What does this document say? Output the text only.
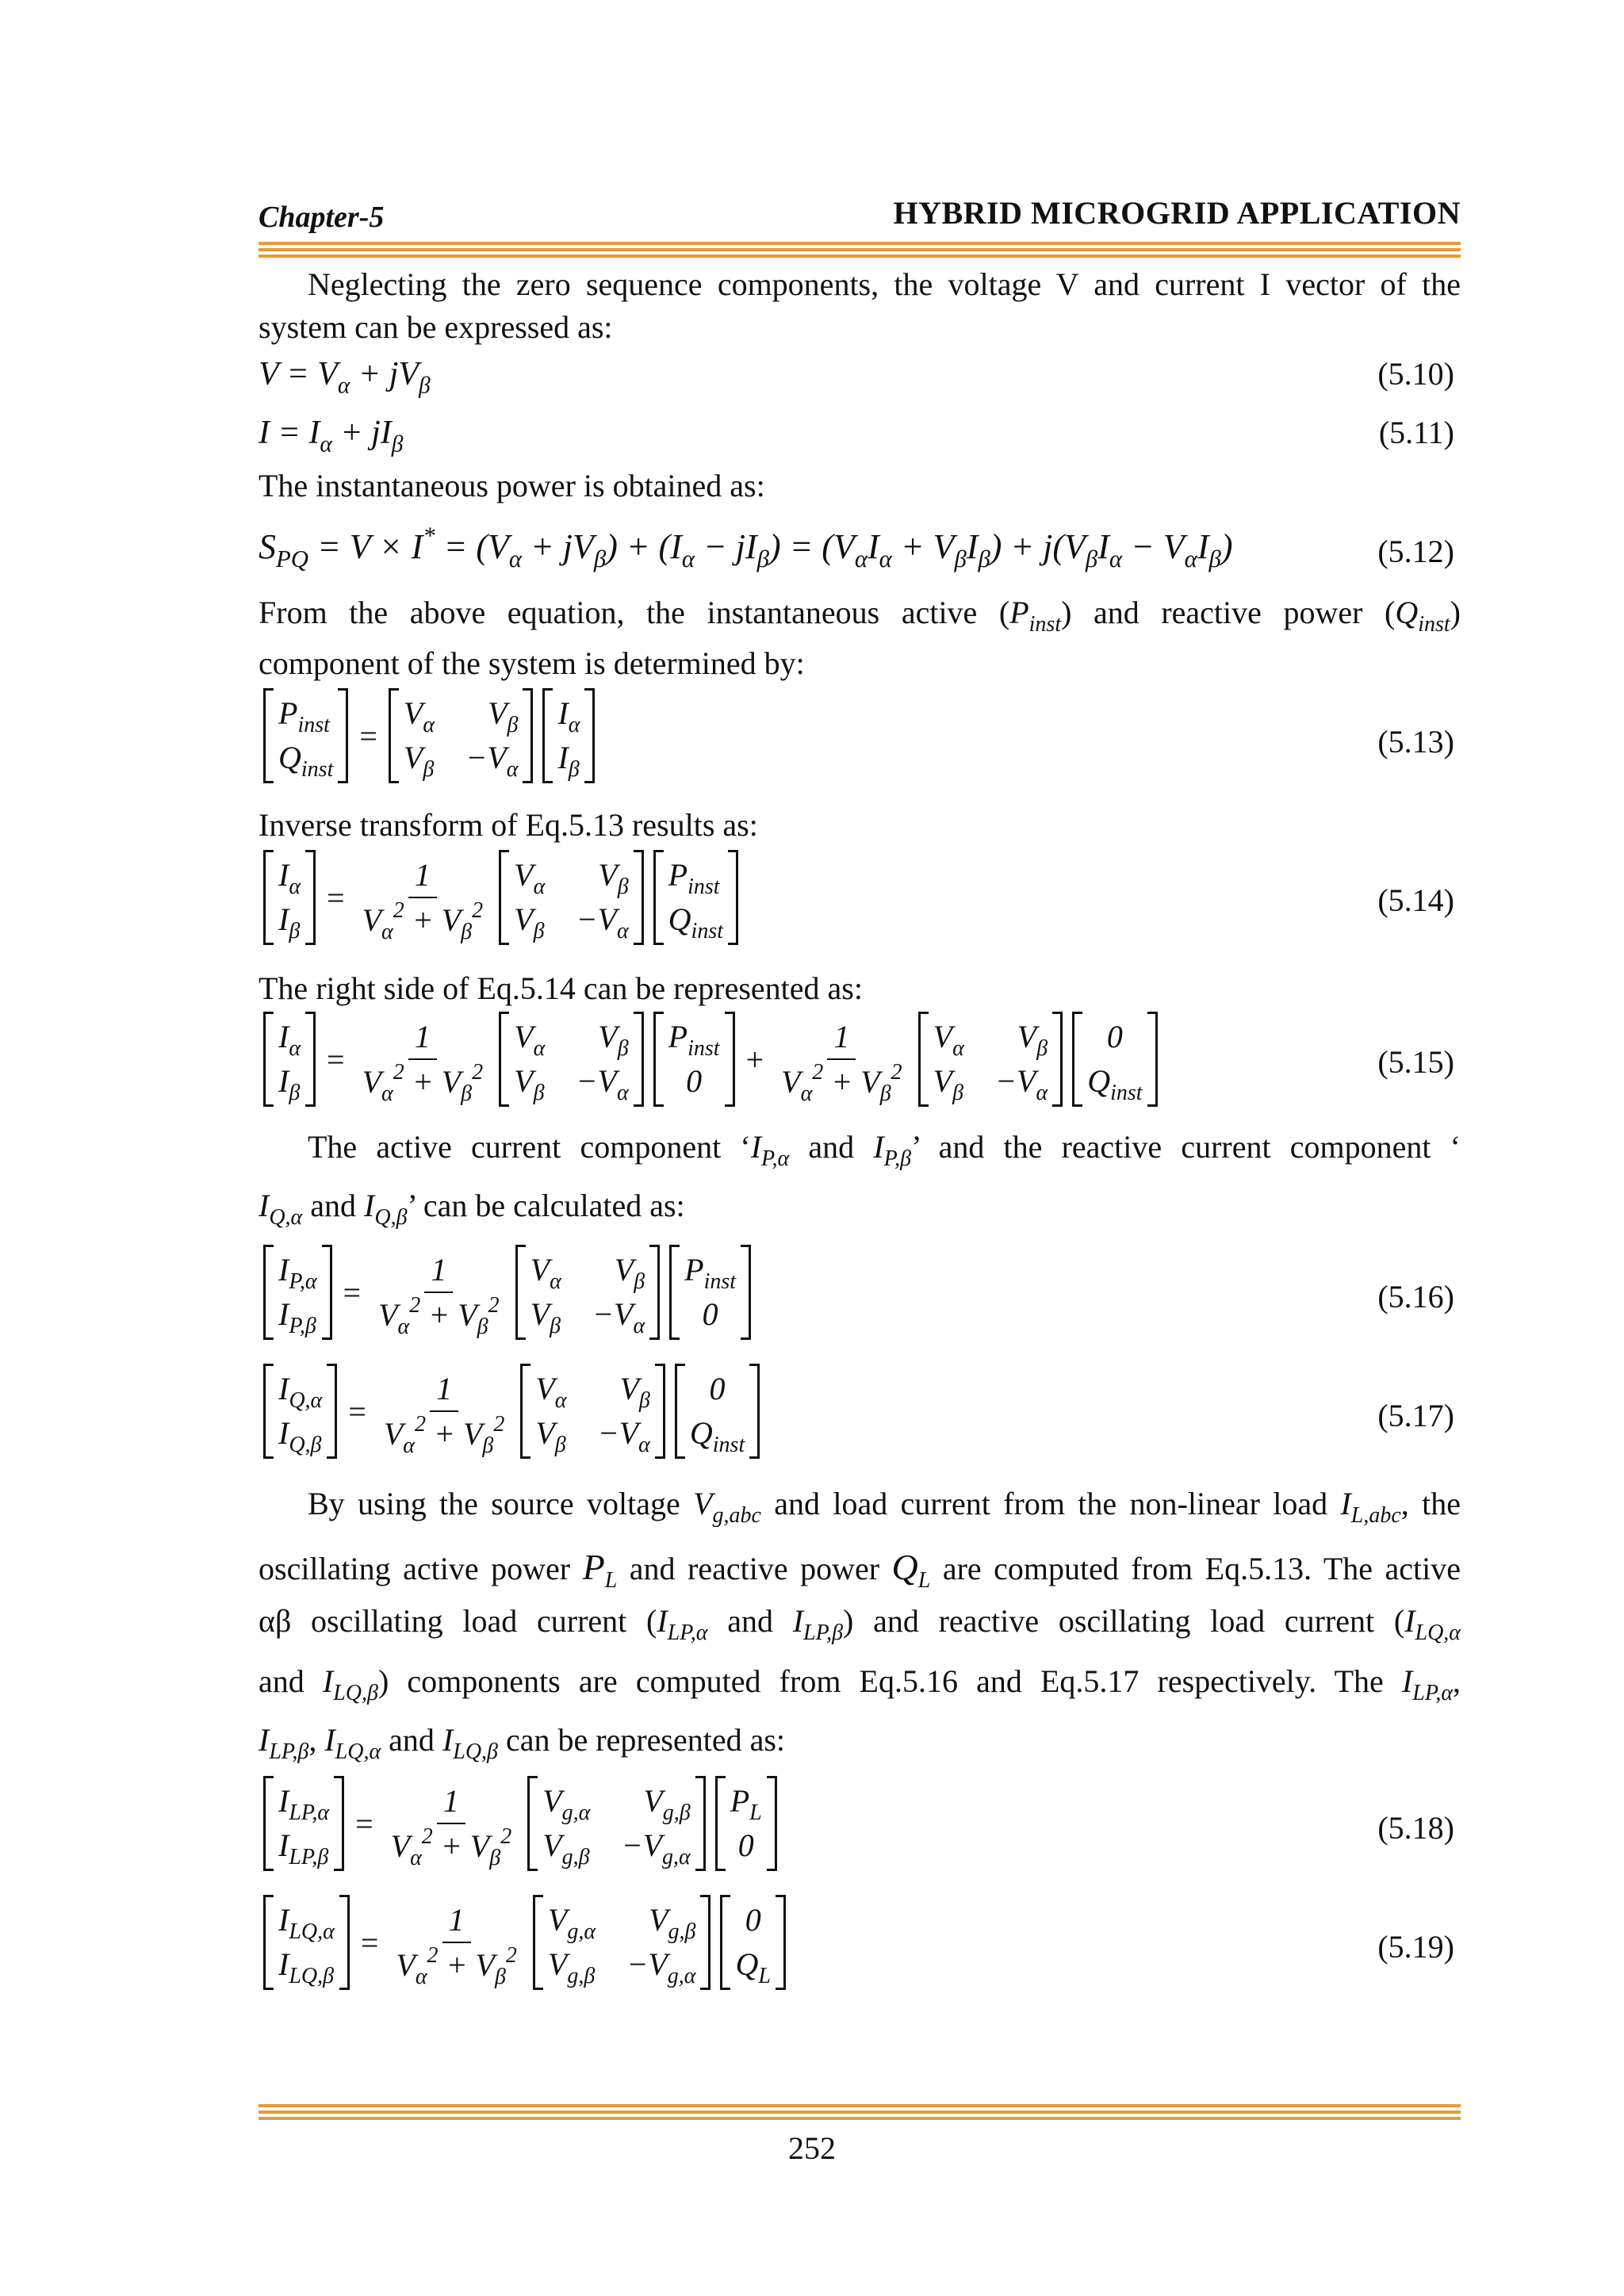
Chapter-5	HYBRID MICROGRID APPLICATION
Neglecting the zero sequence components, the voltage V and current I vector of the system can be expressed as:
$V = V_\alpha + jV_\beta$	(5.10)
$I = I_\alpha + jI_\beta$	(5.11)
The instantaneous power is obtained as:
$S_{PQ} = V \times I^* = (V_\alpha + jV_\beta) + (I_\alpha - jI_\beta) = (V_\alpha I_\alpha + V_\beta I_\beta) + j(V_\beta I_\alpha - V_\alpha I_\beta)$	(5.12)
From the above equation, the instantaneous active $(P_{inst})$ and reactive power $(Q_{inst})$
component of the system is determined by:
$P_{inst}$
$Q_{inst}$
=
$V_\alpha$ $V_\beta$
$V_\beta -V_\alpha$
$I_\alpha$
$I_\beta$
(5.13)
Inverse transform of Eq.5.13 results as:
$I_\alpha$
$I_\beta$
= $\frac{1}{V_\alpha^2 + V_\beta^2} V_\alpha$ $V_\beta$
$V_\beta -V_\alpha$
$P_{inst}$
$Q_{inst}$
(5.14)
The right side of Eq.5.14 can be represented as:
$I_\alpha$
$I_\beta$
= $\frac{1}{V_\alpha^2 + V_\beta^2} V_\alpha$ $V_\beta$
$V_\beta -V_\alpha$
$P_{inst}$
0
+ $\frac{1}{V_\alpha^2 + V_\beta^2} V_\alpha$ $V_\beta$
$V_\beta -V_\alpha$
0
$Q_{inst}$
(5.15)
The active current component ‘$I_{P,\alpha}$ and $I_{P,\beta}$’ and the reactive current component ‘
$I_{Q,\alpha}$ and $I_{Q,\beta}$’ can be calculated as:
$I_{P,\alpha}$
$I_{P,\beta}$
= $\frac{1}{V_\alpha^2 + V_\beta^2} V_\alpha$ $V_\beta$
$V_\beta -V_\alpha$
$P_{inst}$
0	(5.16)
$I_{Q,\alpha}$
$I_{Q,\beta}$
= $\frac{1}{V_\alpha^2 + V_\beta^2} V_\alpha$ $V_\beta$
$V_\beta -V_\alpha$
0
$Q_{inst}$
(5.17)
By using the source voltage $V_{g,abc}$ and load current from the non-linear load $I_{L,abc}$, the
oscillating active power $P_L$ and reactive power $Q_L$ are computed from Eq.5.13. The active
αβ oscillating load current ($I_{LP,\alpha}$ and $I_{LP,\beta}$) and reactive oscillating load current ($I_{LQ,\alpha}$
and $I_{LQ,\beta}$) components are computed from Eq.5.16 and Eq.5.17 respectively. The $I_{LP,\alpha}$,
$I_{LP,\beta}$, $I_{LQ,\alpha}$ and $I_{LQ,\beta}$ can be represented as:
$I_{LP,\alpha}$
$I_{LP,\beta}$
= $\frac{1}{V_\alpha^2 + V_\beta^2} V_{g,\alpha}$ $V_{g,\beta}$
$V_{g,\beta} -V_{g,\alpha}$
$P_L$
0	(5.18)
$I_{LQ,\alpha}$
$I_{LQ,\beta}$
= $\frac{1}{V_\alpha^2 + V_\beta^2} V_{g,\alpha}$ $V_{g,\beta}$
$V_{g,\beta} -V_{g,\alpha}$
0
$Q_L$
(5.19)
252
